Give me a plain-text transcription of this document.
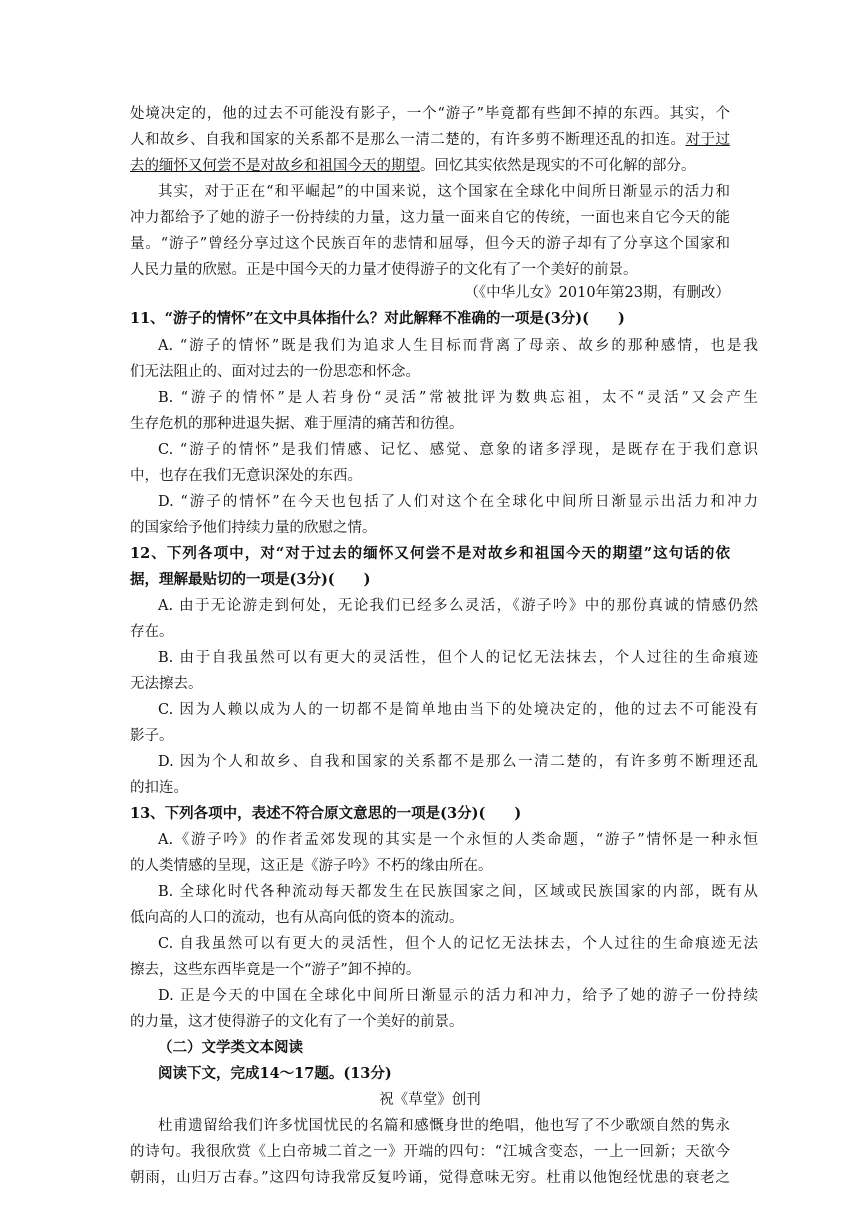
处境决定的，他的过去不可能没有影子，一个“游子”毕竟都有些卸不掉的东西。其实，个
人和故乡、自我和国家的关系都不是那么一清二楚的，有许多剪不断理还乱的扣连。对于过
去的缅怀又何尝不是对故乡和祖国今天的期望。回忆其实依然是现实的不可化解的部分。
其实，对于正在“和平崛起”的中国来说，这个国家在全球化中间所日渐显示的活力和
冲力都给予了她的游子一份持续的力量，这力量一面来自它的传统，一面也来自它今天的能
量。“游子”曾经分享过这个民族百年的悲情和屈辱，但今天的游子却有了分享这个国家和
人民力量的欣慰。正是中国今天的力量才使得游子的文化有了一个美好的前景。
（《中华儿女》2010年第23期，有删改）
11、“游子的情怀”在文中具体指什么？对此解释不准确的一项是(3分)(　　)
A. “游子的情怀”既是我们为追求人生目标而背离了母亲、故乡的那种感情，也是我
们无法阻止的、面对过去的一份思恋和怀念。
B. “游子的情怀”是人若身份“灵活”常被批评为数典忘祖，太不“灵活”又会产生
生存危机的那种进退失据、难于厘清的痛苦和彷徨。
C. “游子的情怀”是我们情感、记忆、感觉、意象的诸多浮现，是既存在于我们意识
中，也存在我们无意识深处的东西。
D. “游子的情怀”在今天也包括了人们对这个在全球化中间所日渐显示出活力和冲力
的国家给予他们持续力量的欣慰之情。
12、下列各项中，对“对于过去的缅怀又何尝不是对故乡和祖国今天的期望”这句话的依
据，理解最贴切的一项是(3分)(　　)
A. 由于无论游走到何处，无论我们已经多么灵活，《游子吟》中的那份真诚的情感仍然
存在。
B. 由于自我虽然可以有更大的灵活性，但个人的记忆无法抹去，个人过往的生命痕迹
无法擦去。
C. 因为人赖以成为人的一切都不是简单地由当下的处境决定的，他的过去不可能没有
影子。
D. 因为个人和故乡、自我和国家的关系都不是那么一清二楚的，有许多剪不断理还乱
的扣连。
13、下列各项中，表述不符合原文意思的一项是(3分)(　　)
A.《游子吟》的作者孟郊发现的其实是一个永恒的人类命题，“游子”情怀是一种永恒
的人类情感的呈现，这正是《游子吟》不朽的缘由所在。
B. 全球化时代各种流动每天都发生在民族国家之间，区域或民族国家的内部，既有从
低向高的人口的流动，也有从高向低的资本的流动。
C. 自我虽然可以有更大的灵活性，但个人的记忆无法抹去，个人过往的生命痕迹无法
擦去，这些东西毕竟是一个“游子”卸不掉的。
D. 正是今天的中国在全球化中间所日渐显示的活力和冲力，给予了她的游子一份持续
的力量，这才使得游子的文化有了一个美好的前景。
（二）文学类文本阅读
阅读下文，完成14～17题。(13分)
祝《草堂》创刊
杜甫遗留给我们许多忧国忧民的名篇和感慨身世的绝唱，他也写了不少歌颂自然的隽永
的诗句。我很欣赏《上白帝城二首之一》开端的四句：“江城含变态，一上一回新；天欲今
朝雨，山归万古春。”这四句诗我常反复吟诵，觉得意味无穷。杜甫以他饱经忧患的衰老之
